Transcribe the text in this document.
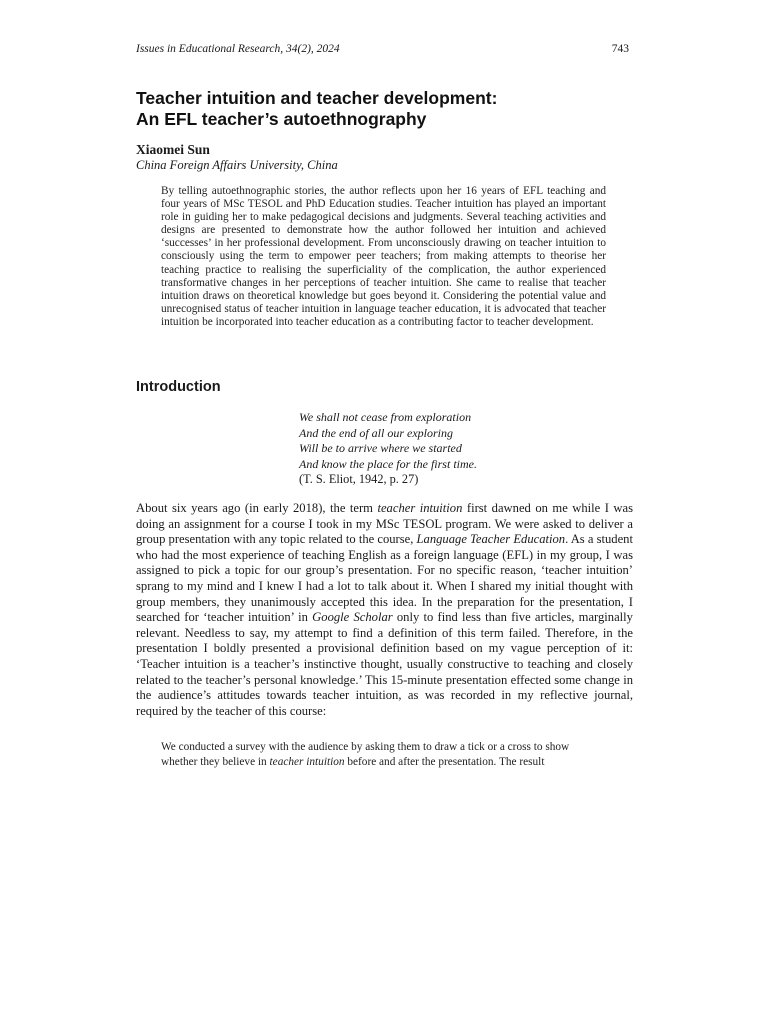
Issues in Educational Research, 34(2), 2024	743
Teacher intuition and teacher development:
An EFL teacher’s autoethnography
Xiaomei Sun
China Foreign Affairs University, China

By telling autoethnographic stories, the author reflects upon her 16 years of EFL teaching and four years of MSc TESOL and PhD Education studies. Teacher intuition has played an important role in guiding her to make pedagogical decisions and judgments. Several teaching activities and designs are presented to demonstrate how the author followed her intuition and achieved ‘successes’ in her professional development. From unconsciously drawing on teacher intuition to consciously using the term to empower peer teachers; from making attempts to theorise her teaching practice to realising the superficiality of the complication, the author experienced transformative changes in her perceptions of teacher intuition. She came to realise that teacher intuition draws on theoretical knowledge but goes beyond it. Considering the potential value and unrecognised status of teacher intuition in language teacher education, it is advocated that teacher intuition be incorporated into teacher education as a contributing factor to teacher development.

Introduction
We shall not cease from exploration
And the end of all our exploring
Will be to arrive where we started
And know the place for the first time.
(T. S. Eliot, 1942, p. 27)

About six years ago (in early 2018), the term teacher intuition first dawned on me while I was doing an assignment for a course I took in my MSc TESOL program. We were asked to deliver a group presentation with any topic related to the course, Language Teacher Education. As a student who had the most experience of teaching English as a foreign language (EFL) in my group, I was assigned to pick a topic for our group’s presentation. For no specific reason, ‘teacher intuition’ sprang to my mind and I knew I had a lot to talk about it. When I shared my initial thought with group members, they unanimously accepted this idea. In the preparation for the presentation, I searched for ‘teacher intuition’ in Google Scholar only to find less than five articles, marginally relevant. Needless to say, my attempt to find a definition of this term failed. Therefore, in the presentation I boldly presented a provisional definition based on my vague perception of it: ‘Teacher intuition is a teacher’s instinctive thought, usually constructive to teaching and closely related to the teacher’s personal knowledge.’ This 15-minute presentation effected some change in the audience’s attitudes towards teacher intuition, as was recorded in my reflective journal, required by the teacher of this course:

We conducted a survey with the audience by asking them to draw a tick or a cross to show whether they believe in teacher intuition before and after the presentation. The result
